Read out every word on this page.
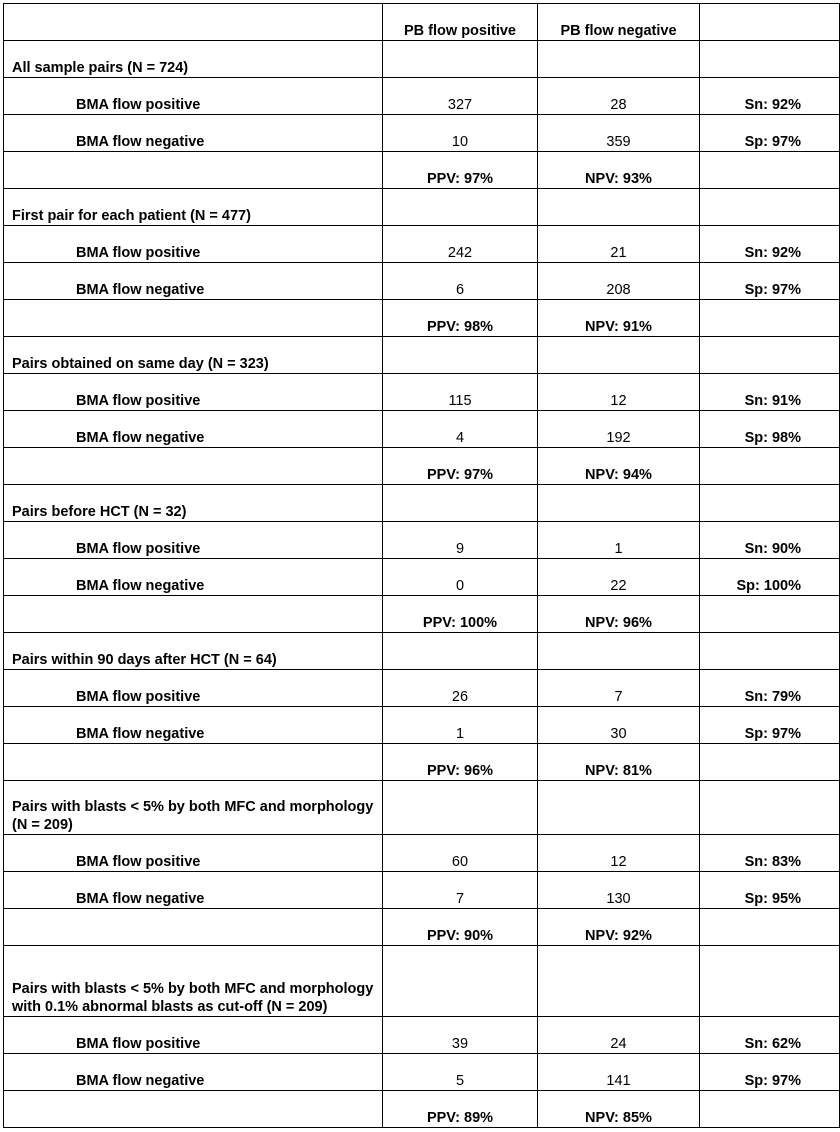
	PB flow positive	PB flow negative	
All sample pairs (N = 724)			
BMA flow positive	327	28	Sn: 92%
BMA flow negative	10	359	Sp: 97%
	PPV: 97%	NPV: 93%	
First pair for each patient (N = 477)			
BMA flow positive	242	21	Sn: 92%
BMA flow negative	6	208	Sp: 97%
	PPV: 98%	NPV: 91%	
Pairs obtained on same day (N = 323)			
BMA flow positive	115	12	Sn: 91%
BMA flow negative	4	192	Sp: 98%
	PPV: 97%	NPV: 94%	
Pairs before HCT (N = 32)			
BMA flow positive	9	1	Sn: 90%
BMA flow negative	0	22	Sp: 100%
	PPV: 100%	NPV: 96%	
Pairs within 90 days after HCT (N = 64)			
BMA flow positive	26	7	Sn: 79%
BMA flow negative	1	30	Sp: 97%
	PPV: 96%	NPV: 81%	
Pairs with blasts < 5% by both MFC and morphology (N = 209)			
BMA flow positive	60	12	Sn: 83%
BMA flow negative	7	130	Sp: 95%
	PPV: 90%	NPV: 92%	
Pairs with blasts < 5% by both MFC and morphology with 0.1% abnormal blasts as cut-off (N = 209)			
BMA flow positive	39	24	Sn: 62%
BMA flow negative	5	141	Sp: 97%
	PPV: 89%	NPV: 85%	
